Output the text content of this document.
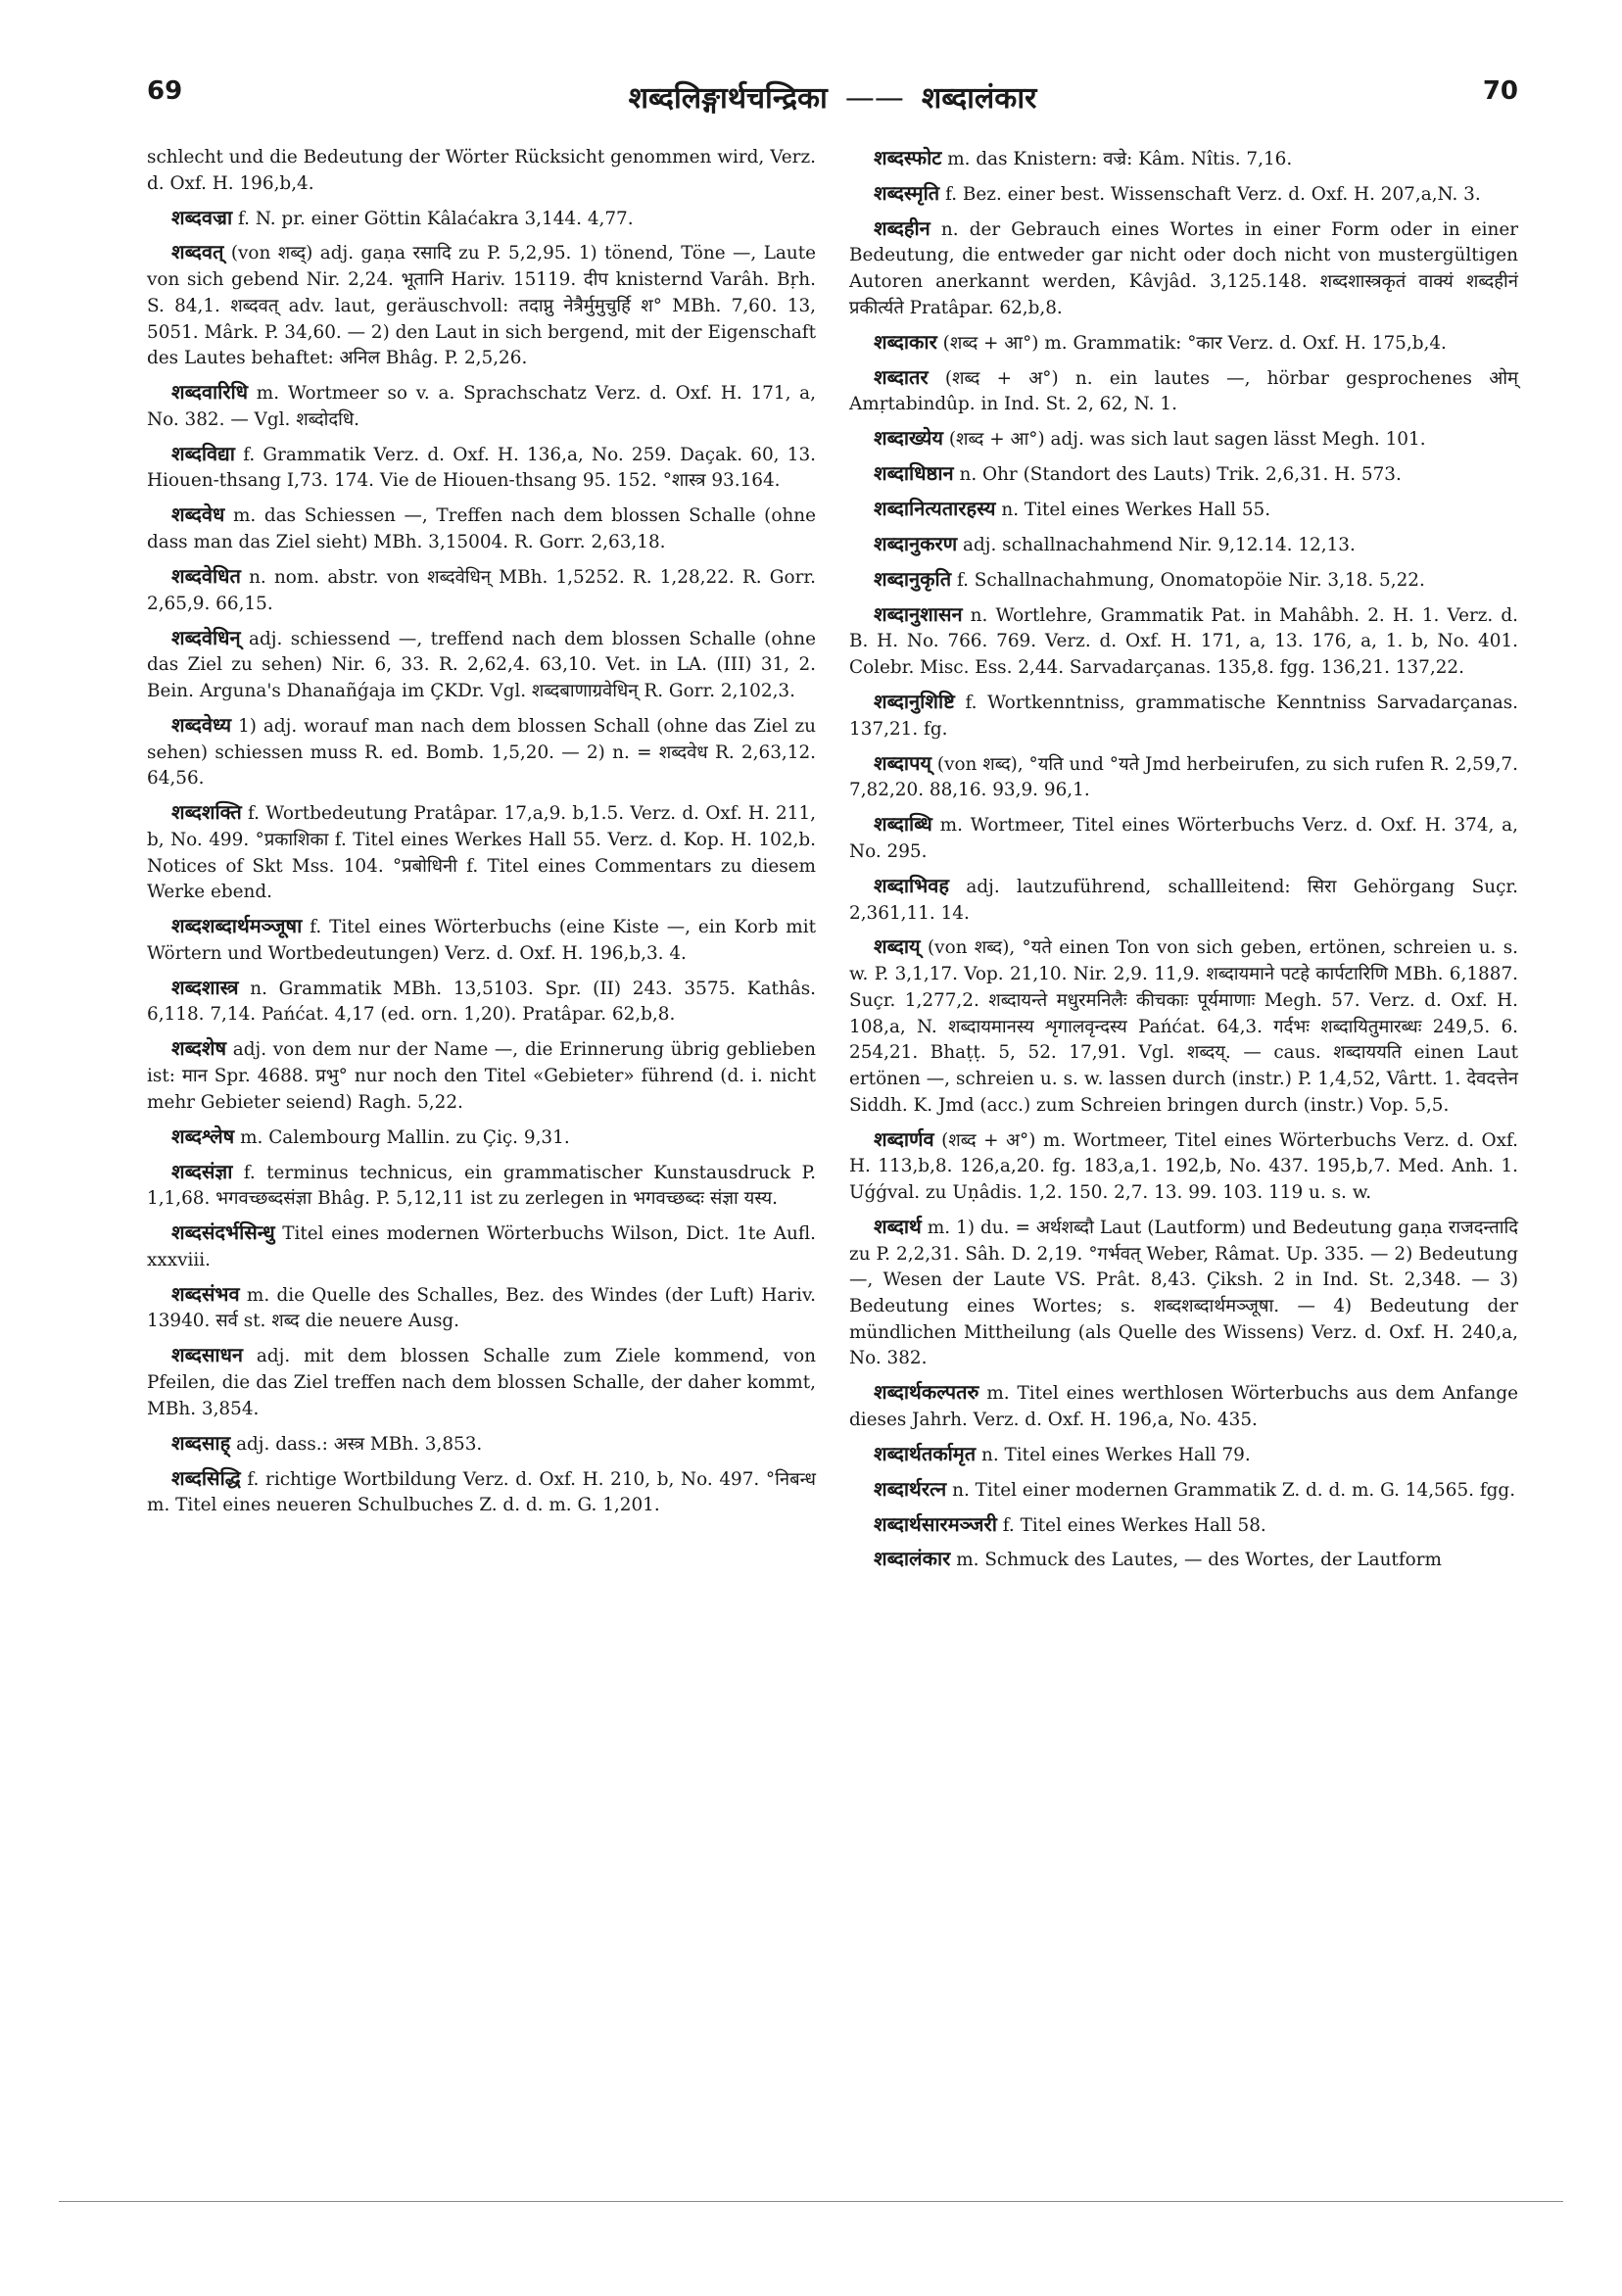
69	शब्दलिङ्गार्थचन्द्रिका —— शब्दालंकार	70

schlecht und die Bedeutung der Wörter Rücksicht genommen wird, Verz. d. Oxf. H. 196,b,4.

शब्दवज्रा f. N. pr. einer Göttin Kâlaćakra 3,144. 4,77.

शब्दवत् (von शब्द्) adj. gaṇa रसादि zu P. 5,2,95. 1) tönend, Töne —, Laute von sich gebend Nir. 2,24. भूतानि Hariv. 15119. दीप knisternd Varâh. Bṛh. S. 84,1. शब्दवत् adv. laut, geräuschvoll: तदाप्नु नेत्रैर्मुमुचुर्हि श° MBh. 7,60. 13, 5051. Mârk. P. 34,60. — 2) den Laut in sich bergend, mit der Eigenschaft des Lautes behaftet: अनिल Bhâg. P. 2,5,26.

शब्दवारिधि m. Wortmeer so v. a. Sprachschatz Verz. d. Oxf. H. 171, a, No. 382. — Vgl. शब्दोदधि.

शब्दविद्या f. Grammatik Verz. d. Oxf. H. 136,a, No. 259. Daçak. 60, 13. Hiouen-thsang I,73. 174. Vie de Hiouen-thsang 95. 152. °शास्त्र 93.164.

शब्दवेध m. das Schiessen —, Treffen nach dem blossen Schalle (ohne dass man das Ziel sieht) MBh. 3,15004. R. Gorr. 2,63,18.

शब्दवेधित n. nom. abstr. von शब्दवेधिन् MBh. 1,5252. R. 1,28,22. R. Gorr. 2,65,9. 66,15.

शब्दवेधिन् adj. schiessend —, treffend nach dem blossen Schalle (ohne das Ziel zu sehen) Nir. 6, 33. R. 2,62,4. 63,10. Vet. in LA. (III) 31, 2. Bein. Arguna's Dhanañǵaja im ÇKDr. Vgl. शब्दबाणाग्रवेधिन् R. Gorr. 2,102,3.

शब्दवेध्य 1) adj. worauf man nach dem blossen Schall (ohne das Ziel zu sehen) schiessen muss R. ed. Bomb. 1,5,20. — 2) n. = शब्दवेध R. 2,63,12. 64,56.

शब्दशक्ति f. Wortbedeutung Pratâpar. 17,a,9. b,1.5. Verz. d. Oxf. H. 211, b, No. 499. °प्रकाशिका f. Titel eines Werkes Hall 55. Verz. d. Kop. H. 102,b. Notices of Skt Mss. 104. °प्रबोधिनी f. Titel eines Commentars zu diesem Werke ebend.

शब्दशब्दार्थमञ्जूषा f. Titel eines Wörterbuchs (eine Kiste —, ein Korb mit Wörtern und Wortbedeutungen) Verz. d. Oxf. H. 196,b,3. 4.

शब्दशास्त्र n. Grammatik MBh. 13,5103. Spr. (II) 243. 3575. Kathâs. 6,118. 7,14. Pańćat. 4,17 (ed. orn. 1,20). Pratâpar. 62,b,8.

शब्दशेष adj. von dem nur der Name —, die Erinnerung übrig geblieben ist: मान Spr. 4688. प्रभु° nur noch den Titel «Gebieter» führend (d. i. nicht mehr Gebieter seiend) Ragh. 5,22.

शब्दश्लेष m. Calembourg Mallin. zu Çiç. 9,31.

शब्दसंज्ञा f. terminus technicus, ein grammatischer Kunstausdruck P. 1,1,68. भगवच्छब्दसंज्ञा Bhâg. P. 5,12,11 ist zu zerlegen in भगवच्छब्दः संज्ञा यस्य.

शब्दसंदर्भसिन्धु Titel eines modernen Wörterbuchs Wilson, Dict. 1te Aufl. xxxviii.

शब्दसंभव m. die Quelle des Schalles, Bez. des Windes (der Luft) Hariv. 13940. सर्व st. शब्द die neuere Ausg.

शब्दसाधन adj. mit dem blossen Schalle zum Ziele kommend, von Pfeilen, die das Ziel treffen nach dem blossen Schalle, der daher kommt, MBh. 3,854.

शब्दसाह् adj. dass.: अस्त्र MBh. 3,853.

शब्दसिद्धि f. richtige Wortbildung Verz. d. Oxf. H. 210, b, No. 497. °निबन्ध m. Titel eines neueren Schulbuches Z. d. d. m. G. 1,201.

शब्दस्फोट m. das Knistern: वज्रे: Kâm. Nîtis. 7,16.

शब्दस्मृति f. Bez. einer best. Wissenschaft Verz. d. Oxf. H. 207,a,N. 3.

शब्दहीन n. der Gebrauch eines Wortes in einer Form oder in einer Bedeutung, die entweder gar nicht oder doch nicht von mustergültigen Autoren anerkannt werden, Kâvjâd. 3,125.148. शब्दशास्त्रकृतं वाक्यं शब्दहीनं प्रकीर्त्यते Pratâpar. 62,b,8.

शब्दाकार (शब्द + आ°) m. Grammatik: °कार Verz. d. Oxf. H. 175,b,4.

शब्दातर (शब्द + अ°) n. ein lautes —, hörbar gesprochenes ओम् Amṛtabindûp. in Ind. St. 2, 62, N. 1.

शब्दाख्येय (शब्द + आ°) adj. was sich laut sagen lässt Megh. 101.

शब्दाधिष्ठान n. Ohr (Standort des Lauts) Trik. 2,6,31. H. 573.

शब्दानित्यतारहस्य n. Titel eines Werkes Hall 55.

शब्दानुकरण adj. schallnachahmend Nir. 9,12.14. 12,13.

शब्दानुकृति f. Schallnachahmung, Onomatopöie Nir. 3,18. 5,22.

शब्दानुशासन n. Wortlehre, Grammatik Pat. in Mahâbh. 2. H. 1. Verz. d. B. H. No. 766. 769. Verz. d. Oxf. H. 171, a, 13. 176, a, 1. b, No. 401. Colebr. Misc. Ess. 2,44. Sarvadarçanas. 135,8. fgg. 136,21. 137,22.

शब्दानुशिष्टि f. Wortkenntniss, grammatische Kenntniss Sarvadarçanas. 137,21. fg.

शब्दापय् (von शब्द), °यति und °यते Jmd herbeirufen, zu sich rufen R. 2,59,7. 7,82,20. 88,16. 93,9. 96,1.

शब्दाब्धि m. Wortmeer, Titel eines Wörterbuchs Verz. d. Oxf. H. 374, a, No. 295.

शब्दाभिवह adj. lautzuführend, schallleitend: सिरा Gehörgang Suçr. 2,361,11. 14.

शब्दाय् (von शब्द), °यते einen Ton von sich geben, ertönen, schreien u. s. w. P. 3,1,17. Vop. 21,10. Nir. 2,9. 11,9. शब्दायमाने पटहे कार्पटारिणि MBh. 6,1887. Suçr. 1,277,2. शब्दायन्ते मधुरमनिलैः कीचकाः पूर्यमाणाः Megh. 57. Verz. d. Oxf. H. 108,a, N. शब्दायमानस्य शृगालवृन्दस्य Pańćat. 64,3. गर्दभः शब्दायितुमारब्धः 249,5. 6. 254,21. Bhaṭṭ. 5, 52. 17,91. Vgl. शब्दय्. — caus. शब्दाययति einen Laut ertönen —, schreien u. s. w. lassen durch (instr.) P. 1,4,52, Vârtt. 1. देवदत्तेन Siddh. K. Jmd (acc.) zum Schreien bringen durch (instr.) Vop. 5,5.

शब्दार्णव (शब्द + अ°) m. Wortmeer, Titel eines Wörterbuchs Verz. d. Oxf. H. 113,b,8. 126,a,20. fg. 183,a,1. 192,b, No. 437. 195,b,7. Med. Anh. 1. Uǵǵval. zu Uṇâdis. 1,2. 150. 2,7. 13. 99. 103. 119 u. s. w.

शब्दार्थ m. 1) du. = अर्थशब्दौ Laut (Lautform) und Bedeutung gaṇa राजदन्तादि zu P. 2,2,31. Sâh. D. 2,19. °गर्भवत् Weber, Râmat. Up. 335. — 2) Bedeutung —, Wesen der Laute VS. Prât. 8,43. Çiksh. 2 in Ind. St. 2,348. — 3) Bedeutung eines Wortes; s. शब्दशब्दार्थमञ्जूषा. — 4) Bedeutung der mündlichen Mittheilung (als Quelle des Wissens) Verz. d. Oxf. H. 240,a, No. 382.

शब्दार्थकल्पतरु m. Titel eines werthlosen Wörterbuchs aus dem Anfange dieses Jahrh. Verz. d. Oxf. H. 196,a, No. 435.

शब्दार्थतर्कामृत n. Titel eines Werkes Hall 79.

शब्दार्थरत्न n. Titel einer modernen Grammatik Z. d. d. m. G. 14,565. fgg.

शब्दार्थसारमञ्जरी f. Titel eines Werkes Hall 58.

शब्दालंकार m. Schmuck des Lautes, — des Wortes, der Lautform
